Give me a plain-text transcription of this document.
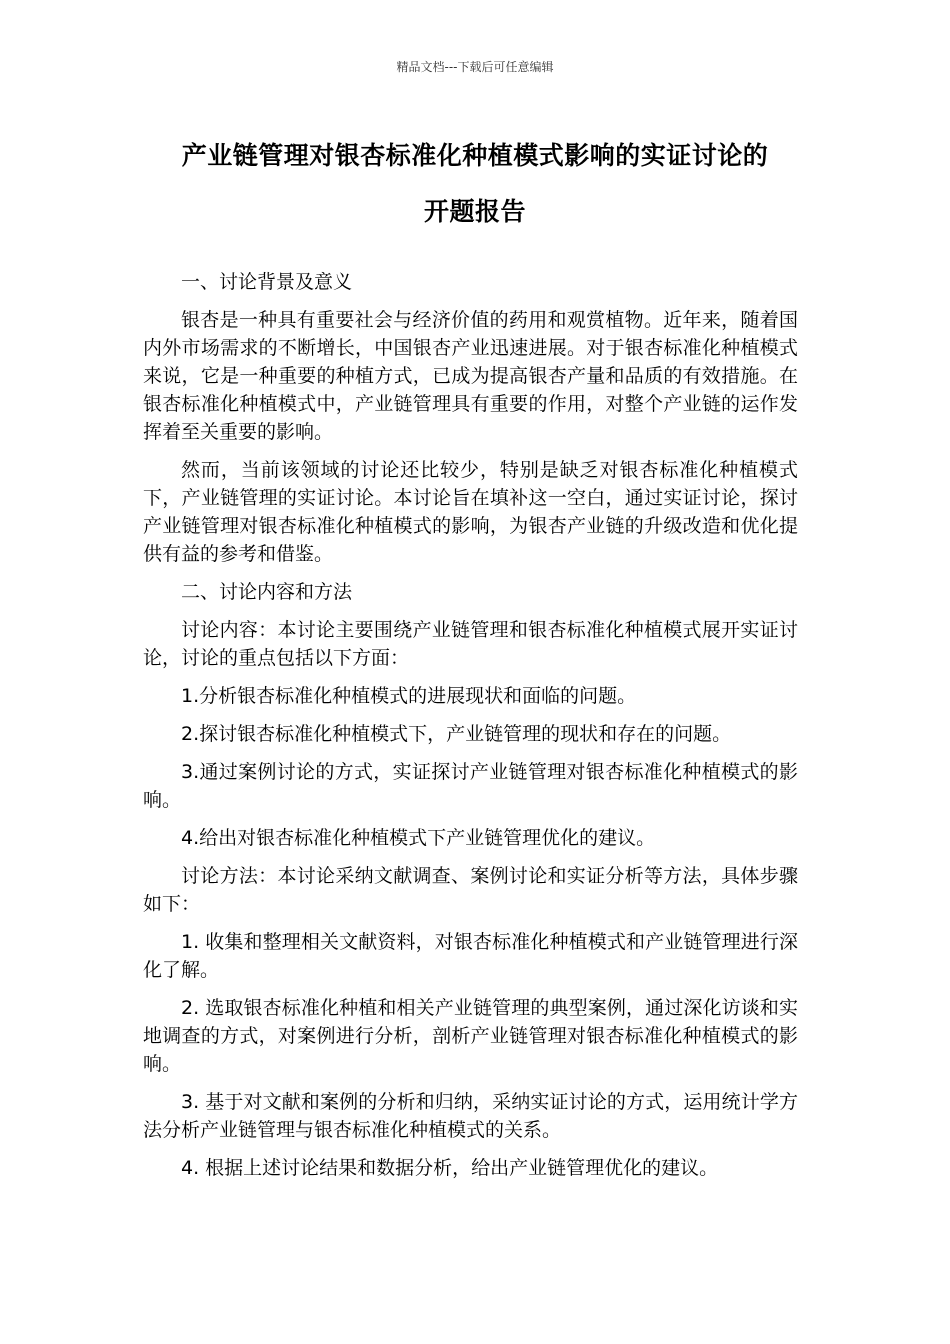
精品文档---下载后可任意编辑
产业链管理对银杏标准化种植模式影响的实证讨论的
开题报告

一、讨论背景及意义

银杏是一种具有重要社会与经济价值的药用和观赏植物。近年来，随着国内外市场需求的不断增长，中国银杏产业迅速进展。对于银杏标准化种植模式来说，它是一种重要的种植方式，已成为提高银杏产量和品质的有效措施。在银杏标准化种植模式中，产业链管理具有重要的作用，对整个产业链的运作发挥着至关重要的影响。

然而，当前该领域的讨论还比较少，特别是缺乏对银杏标准化种植模式下，产业链管理的实证讨论。本讨论旨在填补这一空白，通过实证讨论，探讨产业链管理对银杏标准化种植模式的影响，为银杏产业链的升级改造和优化提供有益的参考和借鉴。

二、讨论内容和方法

讨论内容：本讨论主要围绕产业链管理和银杏标准化种植模式展开实证讨论，讨论的重点包括以下方面：

1.分析银杏标准化种植模式的进展现状和面临的问题。

2.探讨银杏标准化种植模式下，产业链管理的现状和存在的问题。

3.通过案例讨论的方式，实证探讨产业链管理对银杏标准化种植模式的影响。

4.给出对银杏标准化种植模式下产业链管理优化的建议。

讨论方法：本讨论采纳文献调查、案例讨论和实证分析等方法，具体步骤如下：

1. 收集和整理相关文献资料，对银杏标准化种植模式和产业链管理进行深化了解。

2. 选取银杏标准化种植和相关产业链管理的典型案例，通过深化访谈和实地调查的方式，对案例进行分析，剖析产业链管理对银杏标准化种植模式的影响。

3. 基于对文献和案例的分析和归纳，采纳实证讨论的方式，运用统计学方法分析产业链管理与银杏标准化种植模式的关系。

4. 根据上述讨论结果和数据分析，给出产业链管理优化的建议。
